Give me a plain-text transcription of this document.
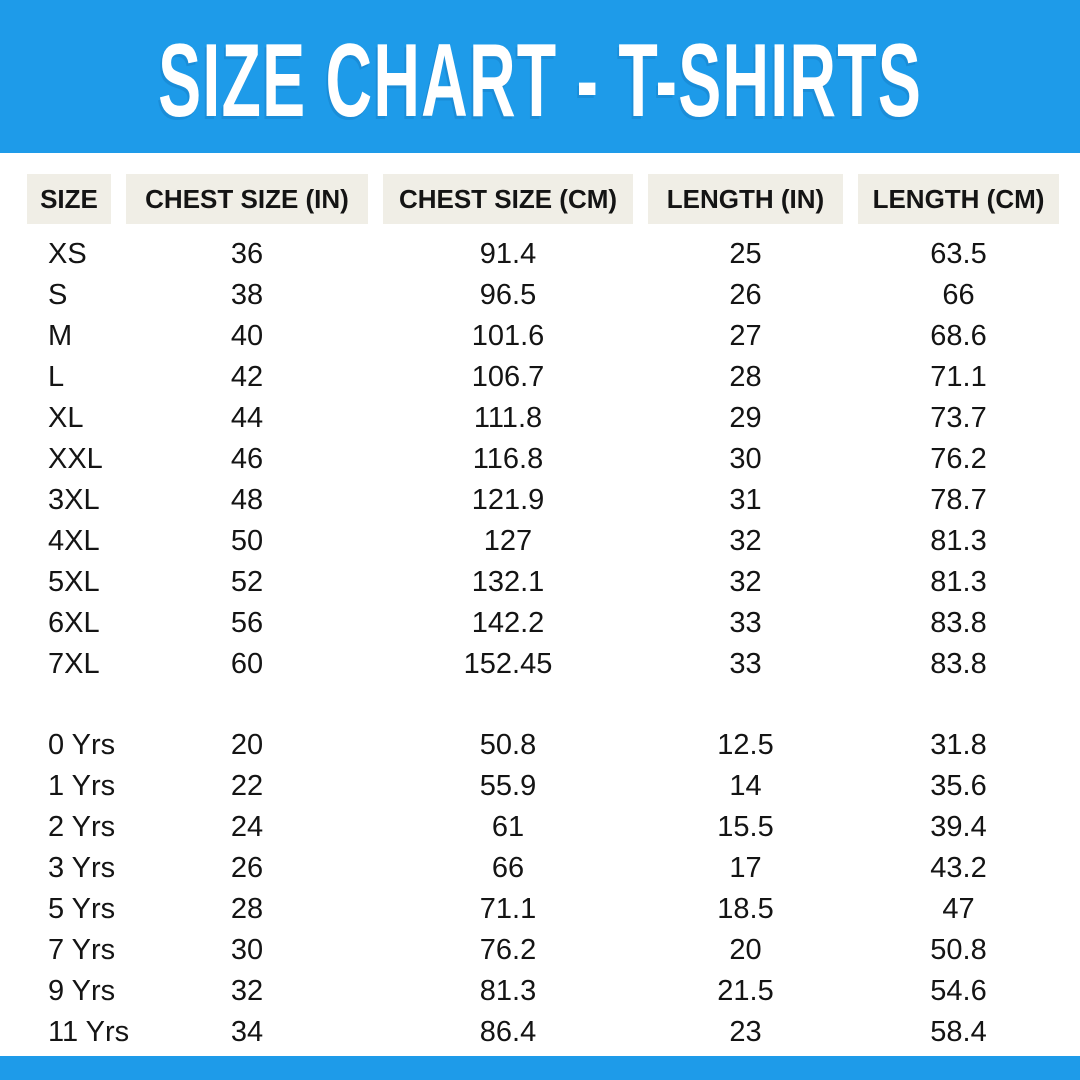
SIZE CHART - T-SHIRTS
SIZE	CHEST SIZE (IN)	CHEST SIZE (CM)	LENGTH (IN)	LENGTH (CM)
XS	36	91.4	25	63.5
S	38	96.5	26	66
M	40	101.6	27	68.6
L	42	106.7	28	71.1
XL	44	111.8	29	73.7
XXL	46	116.8	30	76.2
3XL	48	121.9	31	78.7
4XL	50	127	32	81.3
5XL	52	132.1	32	81.3
6XL	56	142.2	33	83.8
7XL	60	152.45	33	83.8
0 Yrs	20	50.8	12.5	31.8
1 Yrs	22	55.9	14	35.6
2 Yrs	24	61	15.5	39.4
3 Yrs	26	66	17	43.2
5 Yrs	28	71.1	18.5	47
7 Yrs	30	76.2	20	50.8
9 Yrs	32	81.3	21.5	54.6
11 Yrs	34	86.4	23	58.4
